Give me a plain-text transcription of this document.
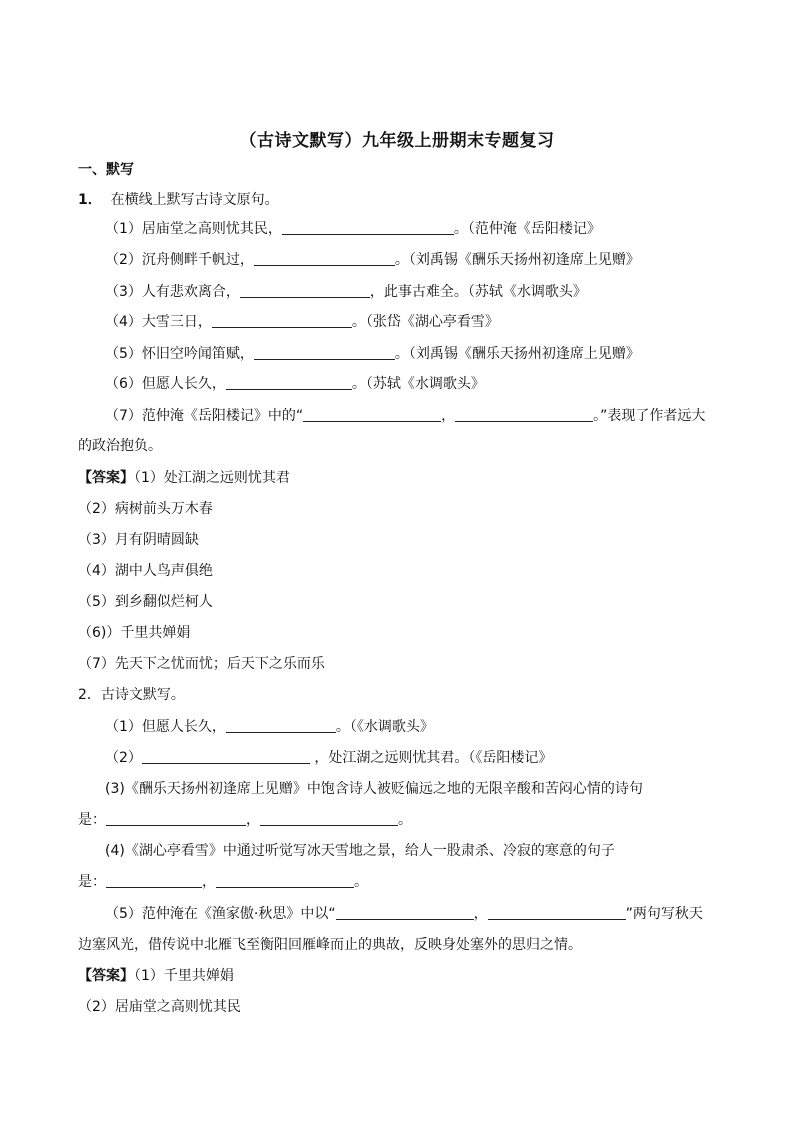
（古诗文默写）九年级上册期末专题复习
一、默写
1． 在横线上默写古诗文原句。
（1）居庙堂之高则忧其民，	。（范仲淹《岳阳楼记》
（2）沉舟侧畔千帆过，	。（刘禹锡《酬乐天扬州初逢席上见赠》
（3）人有悲欢离合，	，此事古难全。（苏轼《水调歌头》
（4）大雪三日，	。（张岱《湖心亭看雪》
（5）怀旧空吟闻笛赋，	。（刘禹锡《酬乐天扬州初逢席上见赠》
（6）但愿人长久，	。（苏轼《水调歌头》
（7）范仲淹《岳阳楼记》中的“	，	。”表现了作者远大
的政治抱负。
【答案】（1）处江湖之远则忧其君
（2）病树前头万木春
（3）月有阴晴圆缺
（4）湖中人鸟声俱绝
（5）到乡翻似烂柯人
（6)）千里共婵娟
（7）先天下之忧而忧；后天下之乐而乐
2．古诗文默写。
（1）但愿人长久，	。（《水调歌头》
（2）	，处江湖之远则忧其君。（《岳阳楼记》
(3)《酬乐天扬州初逢席上见赠》中饱含诗人被贬偏远之地的无限辛酸和苦闷心情的诗句
是：	，	。
(4)《湖心亭看雪》中通过听觉写冰天雪地之景，给人一股肃杀、冷寂的寒意的句子
是：	，	。
（5）范仲淹在《渔家傲·秋思》中以“	，	”两句写秋天
边塞风光，借传说中北雁飞至衡阳回雁峰而止的典故，反映身处塞外的思归之情。
【答案】（1）千里共婵娟
（2）居庙堂之高则忧其民
